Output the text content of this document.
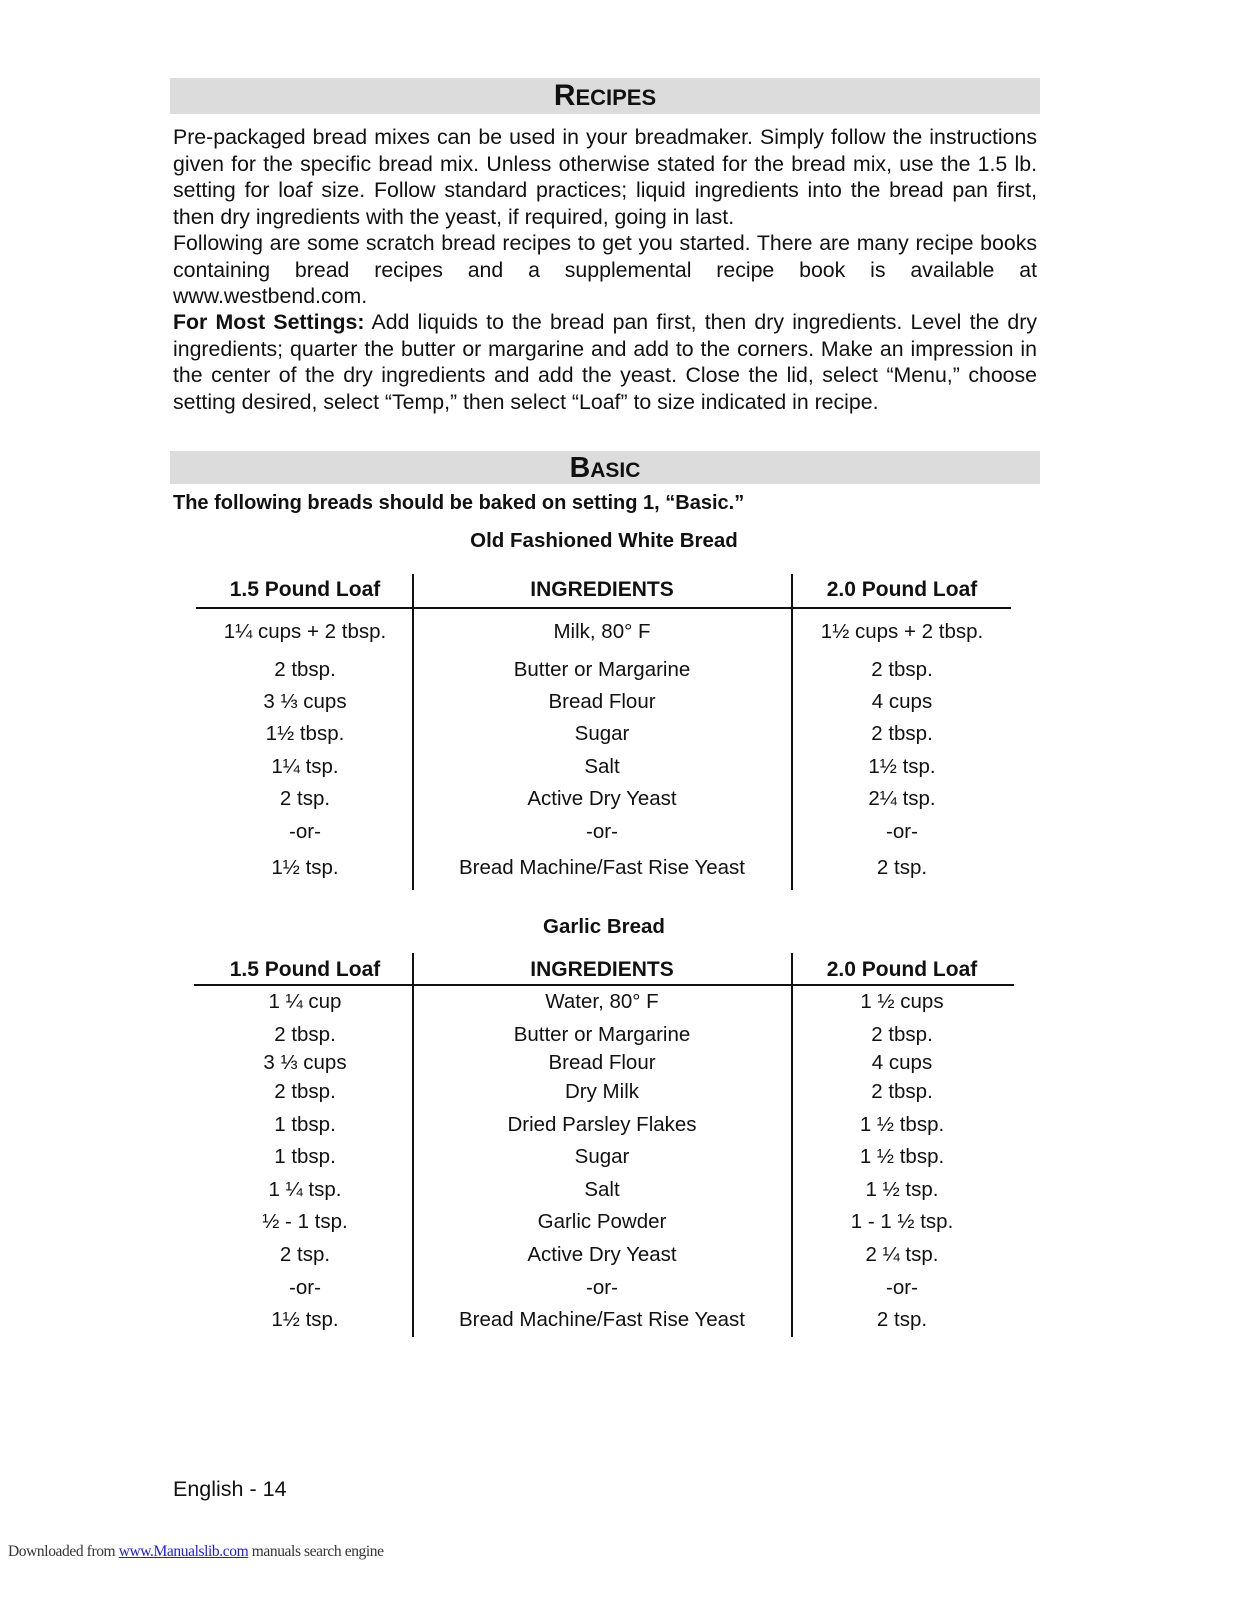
RECIPES

Pre-packaged bread mixes can be used in your breadmaker. Simply follow the instructions given for the specific bread mix. Unless otherwise stated for the bread mix, use the 1.5 lb. setting for loaf size. Follow standard practices; liquid ingredients into the bread pan first, then dry ingredients with the yeast, if required, going in last.

Following are some scratch bread recipes to get you started. There are many recipe books containing bread recipes and a supplemental recipe book is available at www.westbend.com.

For Most Settings: Add liquids to the bread pan first, then dry ingredients. Level the dry ingredients; quarter the butter or margarine and add to the corners. Make an impression in the center of the dry ingredients and add the yeast. Close the lid, select “Menu,” choose setting desired, select “Temp,” then select “Loaf” to size indicated in recipe.

BASIC

The following breads should be baked on setting 1, “Basic.”

Old Fashioned White Bread

1.5 Pound Loaf	INGREDIENTS	2.0 Pound Loaf
1¼ cups + 2 tbsp.	Milk, 80° F	1½ cups + 2 tbsp.
2 tbsp.	Butter or Margarine	2 tbsp.
3 ⅓ cups	Bread Flour	4 cups
1½ tbsp.	Sugar	2 tbsp.
1¼ tsp.	Salt	1½ tsp.
2 tsp.	Active Dry Yeast	2¼ tsp.
-or-	-or-	-or-
1½ tsp.	Bread Machine/Fast Rise Yeast	2 tsp.

Garlic Bread

1.5 Pound Loaf	INGREDIENTS	2.0 Pound Loaf
1 ¼ cup	Water, 80° F	1 ½ cups
2 tbsp.	Butter or Margarine	2 tbsp.
3 ⅓ cups	Bread Flour	4 cups
2 tbsp.	Dry Milk	2 tbsp.
1 tbsp.	Dried Parsley Flakes	1 ½ tbsp.
1 tbsp.	Sugar	1 ½ tbsp.
1 ¼ tsp.	Salt	1 ½ tsp.
½ - 1 tsp.	Garlic Powder	1 - 1 ½ tsp.
2 tsp.	Active Dry Yeast	2 ¼ tsp.
-or-	-or-	-or-
1½ tsp.	Bread Machine/Fast Rise Yeast	2 tsp.

English - 14

Downloaded from www.Manualslib.com manuals search engine
